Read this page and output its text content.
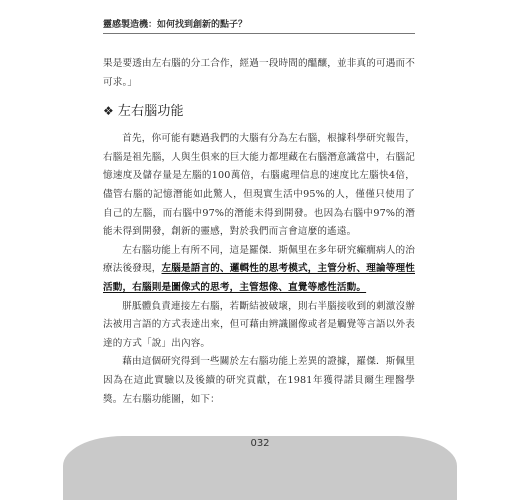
靈感製造機：如何找到創新的點子？

果是要透由左右腦的分工合作，經過一段時間的醞釀，並非真的可遇而不可求。」

❖ 左右腦功能

首先，你可能有聽過我們的大腦有分為左右腦，根據科學研究報告，右腦是祖先腦，人與生俱來的巨大能力都埋藏在右腦潛意識當中，右腦記憶速度及儲存量是左腦的100萬倍，右腦處理信息的速度比左腦快4倍，儘管右腦的記憶潛能如此驚人，但現實生活中95%的人，僅僅只使用了自己的左腦，而右腦中97%的潛能未得到開發。也因為右腦中97%的潛能未得到開發，創新的靈感，對於我們而言會這麼的遙遠。

左右腦功能上有所不同，這是羅傑．斯佩里在多年研究癲癇病人的治療法後發現，左腦是語言的、邏輯性的思考模式，主管分析、理論等理性活動，右腦則是圖像式的思考，主管想像、直覺等感性活動。

胼胝體負責連接左右腦，若斷結被破壞，則右半腦接收到的刺激沒辦法被用言語的方式表達出來，但可藉由辨識圖像或者是觸覺等言語以外表達的方式「說」出內容。

藉由這個研究得到一些關於左右腦功能上差異的證據，羅傑．斯佩里因為在這此實驗以及後續的研究貢獻，在1981年獲得諾貝爾生理醫學獎。左右腦功能圖，如下：

032
